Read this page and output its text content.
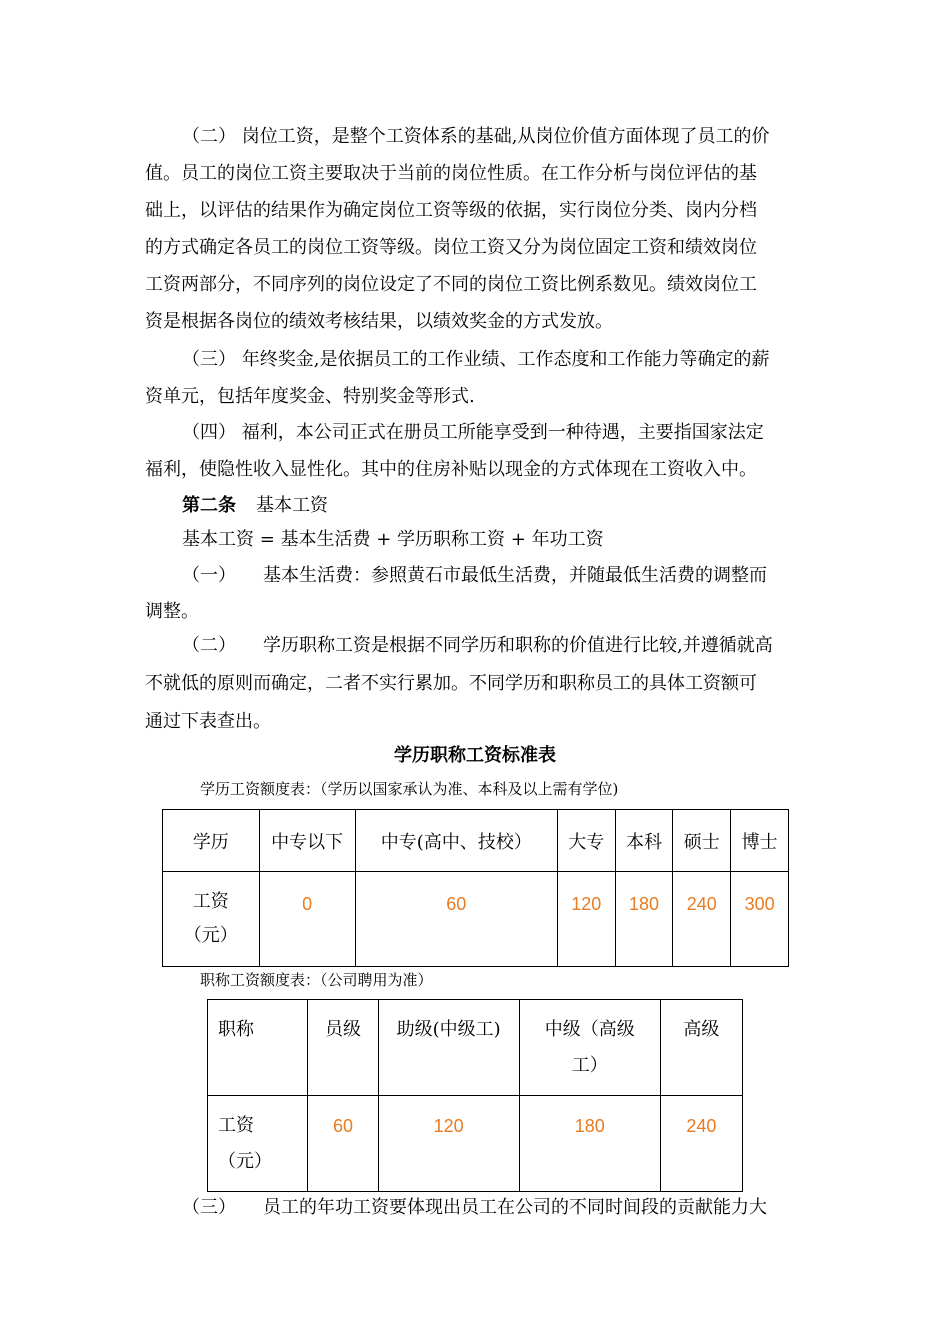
（二） 岗位工资，是整个工资体系的基础,从岗位价值方面体现了员工的价
值。员工的岗位工资主要取决于当前的岗位性质。在工作分析与岗位评估的基
础上，以评估的结果作为确定岗位工资等级的依据，实行岗位分类、岗内分档
的方式确定各员工的岗位工资等级。岗位工资又分为岗位固定工资和绩效岗位
工资两部分，不同序列的岗位设定了不同的岗位工资比例系数见。绩效岗位工
资是根据各岗位的绩效考核结果，以绩效奖金的方式发放。
（三） 年终奖金,是依据员工的工作业绩、工作态度和工作能力等确定的薪
资单元，包括年度奖金、特别奖金等形式.
（四） 福利，本公司正式在册员工所能享受到一种待遇，主要指国家法定
福利，使隐性收入显性化。其中的住房补贴以现金的方式体现在工资收入中。
第二条 基本工资
基本工资 = 基本生活费 + 学历职称工资 + 年功工资
（一）　　基本生活费：参照黄石市最低生活费，并随最低生活费的调整而
调整。
（二）　　学历职称工资是根据不同学历和职称的价值进行比较,并遵循就高
不就低的原则而确定，二者不实行累加。不同学历和职称员工的具体工资额可
通过下表查出。
学历职称工资标准表
学历工资额度表：（学历以国家承认为准、本科及以上需有学位)
学历	中专以下	中专(高中、技校）	大专	本科	硕士	博士

工资
（元）	0	60	120	180	240	300
职称工资额度表：（公司聘用为准）
职称	员级	助级(中级工)	中级（高级
工）	高级

工资
（元）	60	120	180	240
（三）　　员工的年功工资要体现出员工在公司的不同时间段的贡献能力大
